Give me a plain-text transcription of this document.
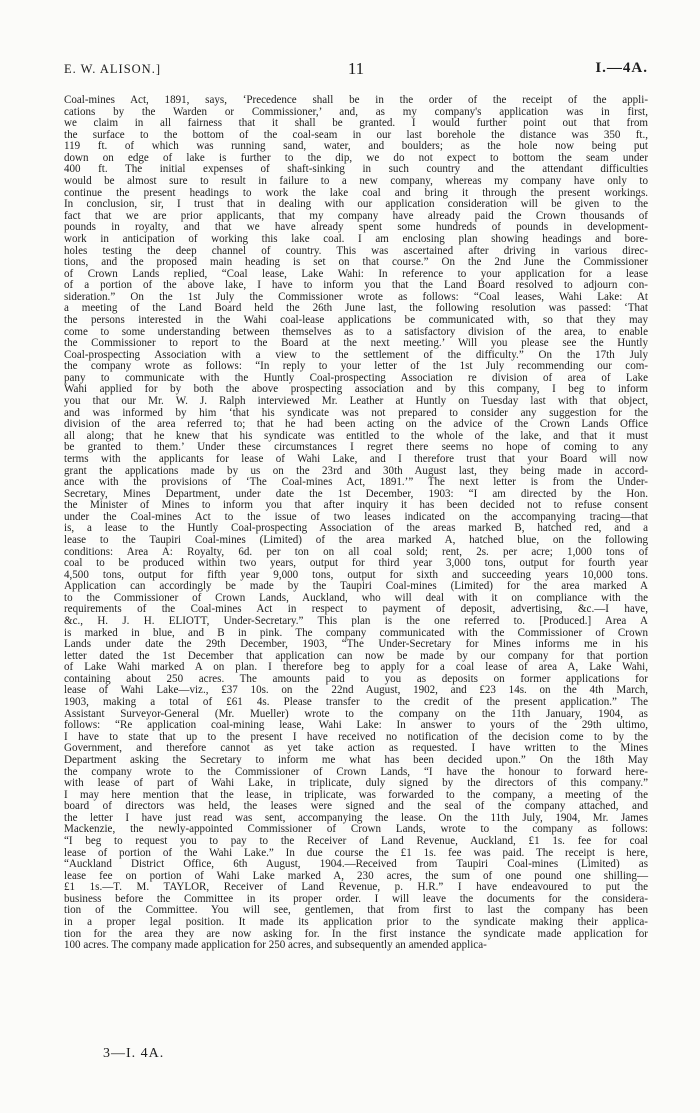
E. W. ALISON.]	11	I.—4A.
Coal-mines Act, 1891, says, ‘Precedence shall be in the order of the receipt of the appli-
cations by the Warden or Commissioner,’ and, as my company's application was in first,
we claim in all fairness that it shall be granted. I would further point out that from
the surface to the bottom of the coal-seam in our last borehole the distance was 350 ft.,
119 ft. of which was running sand, water, and boulders; as the hole now being put
down on edge of lake is further to the dip, we do not expect to bottom the seam under
400 ft. The initial expenses of shaft-sinking in such country and the attendant difficulties
would be almost sure to result in failure to a new company, whereas my company have only to
continue the present headings to work the lake coal and bring it through the present workings.
In conclusion, sir, I trust that in dealing with our application consideration will be given to the
fact that we are prior applicants, that my company have already paid the Crown thousands of
pounds in royalty, and that we have already spent some hundreds of pounds in development-
work in anticipation of working this lake coal. I am enclosing plan showing headings and bore-
holes testing the deep channel of country. This was ascertained after driving in various direc-
tions, and the proposed main heading is set on that course.” On the 2nd June the Commissioner
of Crown Lands replied, “Coal lease, Lake Wahi: In reference to your application for a lease
of a portion of the above lake, I have to inform you that the Land Board resolved to adjourn con-
sideration.” On the 1st July the Commissioner wrote as follows: “Coal leases, Wahi Lake: At
a meeting of the Land Board held the 26th June last, the following resolution was passed: ‘That
the persons interested in the Wahi coal-lease applications be communicated with, so that they may
come to some understanding between themselves as to a satisfactory division of the area, to enable
the Commissioner to report to the Board at the next meeting.’ Will you please see the Huntly
Coal-prospecting Association with a view to the settlement of the difficulty.” On the 17th July
the company wrote as follows: “In reply to your letter of the 1st July recommending our com-
pany to communicate with the Huntly Coal-prospecting Association re division of area of Lake
Wahi applied for by both the above prospecting association and by this company, I beg to inform
you that our Mr. W. J. Ralph interviewed Mr. Leather at Huntly on Tuesday last with that object,
and was informed by him ‘that his syndicate was not prepared to consider any suggestion for the
division of the area referred to; that he had been acting on the advice of the Crown Lands Office
all along; that he knew that his syndicate was entitled to the whole of the lake, and that it must
be granted to them.’ Under these circumstances I regret there seems no hope of coming to any
terms with the applicants for lease of Wahi Lake, and I therefore trust that your Board will now
grant the applications made by us on the 23rd and 30th August last, they being made in accord-
ance with the provisions of ‘The Coal-mines Act, 1891.’” The next letter is from the Under-
Secretary, Mines Department, under date the 1st December, 1903: “I am directed by the Hon.
the Minister of Mines to inform you that after inquiry it has been decided not to refuse consent
under the Coal-mines Act to the issue of two leases indicated on the accompanying tracing—that
is, a lease to the Huntly Coal-prospecting Association of the areas marked B, hatched red, and a
lease to the Taupiri Coal-mines (Limited) of the area marked A, hatched blue, on the following
conditions: Area A: Royalty, 6d. per ton on all coal sold; rent, 2s. per acre; 1,000 tons of
coal to be produced within two years, output for third year 3,000 tons, output for fourth year
4,500 tons, output for fifth year 9,000 tons, output for sixth and succeeding years 10,000 tons.
Application can accordingly be made by the Taupiri Coal-mines (Limited) for the area marked A
to the Commissioner of Crown Lands, Auckland, who will deal with it on compliance with the
requirements of the Coal-mines Act in respect to payment of deposit, advertising, &c.—I have,
&c., H. J. H. ELIOTT, Under-Secretary.” This plan is the one referred to. [Produced.] Area A
is marked in blue, and B in pink. The company communicated with the Commissioner of Crown
Lands under date the 29th December, 1903, “The Under-Secretary for Mines informs me in his
letter dated the 1st December that application can now be made by our company for that portion
of Lake Wahi marked A on plan. I therefore beg to apply for a coal lease of area A, Lake Wahi,
containing about 250 acres. The amounts paid to you as deposits on former applications for
lease of Wahi Lake—viz., £37 10s. on the 22nd August, 1902, and £23 14s. on the 4th March,
1903, making a total of £61 4s. Please transfer to the credit of the present application.” The
Assistant Surveyor-General (Mr. Mueller) wrote to the company on the 11th January, 1904, as
follows: “Re application coal-mining lease, Wahi Lake: In answer to yours of the 29th ultimo,
I have to state that up to the present I have received no notification of the decision come to by the
Government, and therefore cannot as yet take action as requested. I have written to the Mines
Department asking the Secretary to inform me what has been decided upon.” On the 18th May
the company wrote to the Commissioner of Crown Lands, “I have the honour to forward here-
with lease of part of Wahi Lake, in triplicate, duly signed by the directors of this company.”
I may here mention that the lease, in triplicate, was forwarded to the company, a meeting of the
board of directors was held, the leases were signed and the seal of the company attached, and
the letter I have just read was sent, accompanying the lease. On the 11th July, 1904, Mr. James
Mackenzie, the newly-appointed Commissioner of Crown Lands, wrote to the company as follows:
“I beg to request you to pay to the Receiver of Land Revenue, Auckland, £1 1s. fee for coal
lease of portion of the Wahi Lake.” In due course the £1 1s. fee was paid. The receipt is here,
“Auckland District Office, 6th August, 1904.—Received from Taupiri Coal-mines (Limited) as
lease fee on portion of Wahi Lake marked A, 230 acres, the sum of one pound one shilling—
£1 1s.—T. M. TAYLOR, Receiver of Land Revenue, p. H.R.” I have endeavoured to put the
business before the Committee in its proper order. I will leave the documents for the considera-
tion of the Committee. You will see, gentlemen, that from first to last the company has been
in a proper legal position. It made its application prior to the syndicate making their applica-
tion for the area they are now asking for. In the first instance the syndicate made application for
100 acres. The company made application for 250 acres, and subsequently an amended applica-
3—I. 4A.
